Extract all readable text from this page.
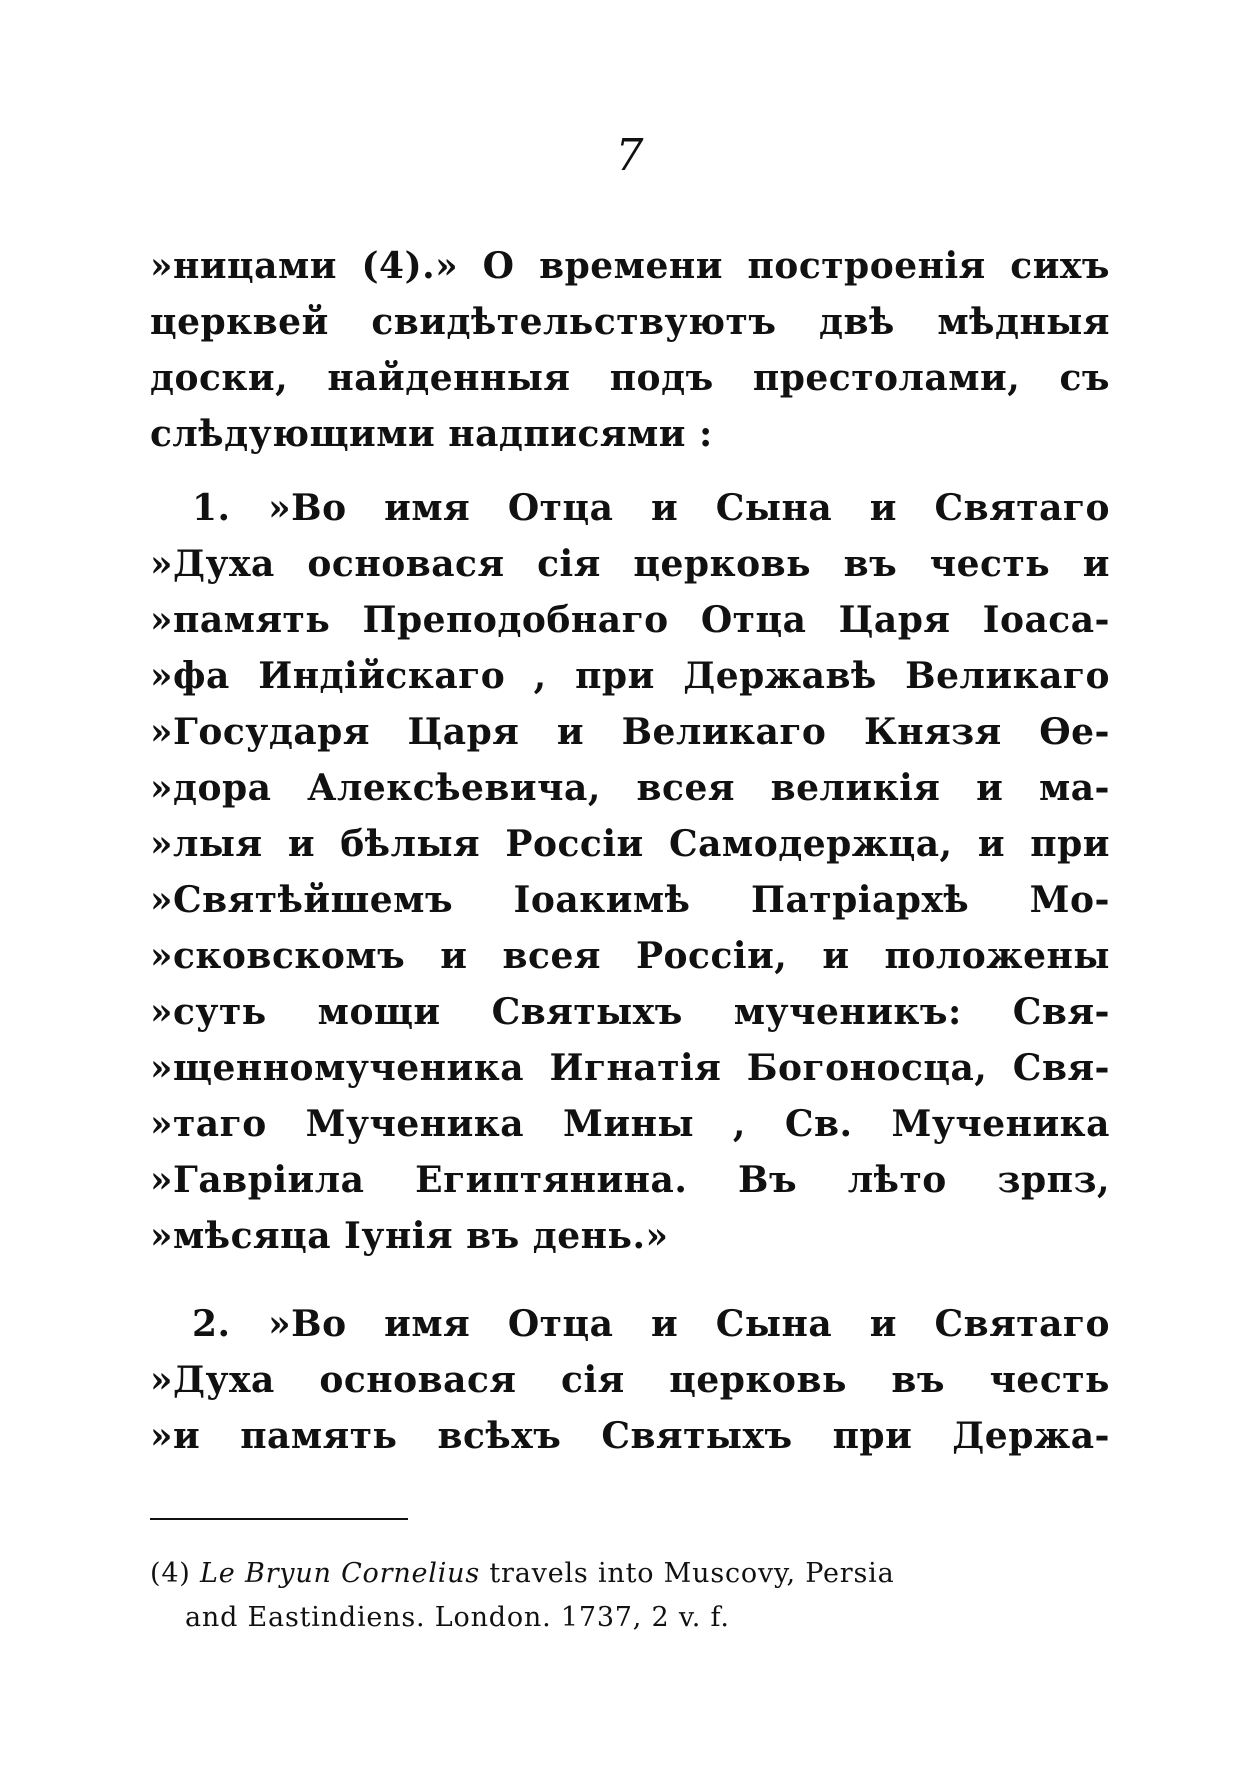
7
»ницами (4).» О времени построенія сихъ
церквей свидѣтельствуютъ двѣ мѣдныя
доски, найденныя подъ престолами, съ
слѣдующими надписями :
1. »Во имя Отца и Сына и Святаго
»Духа основася сія церковь въ честь и
»память Преподобнаго Отца Царя Іоаса-
»фа Индійскаго , при Державѣ Великаго
»Государя Царя и Великаго Князя Ѳе-
»дора Алексѣевича, всея великія и ма-
»лыя и бѣлыя Россіи Самодержца, и при
»Святѣйшемъ Іоакимѣ Патріархѣ Мо-
»сковскомъ и всея Россіи, и положены
»суть мощи Святыхъ мученикъ: Свя-
»щенномученика Игнатія Богоносца, Свя-
»таго Мученика Мины , Св. Мученика
»Гавріила Египтянина. Въ лѣто зрпз,
»мѣсяца Іунія въ день.»
2. »Во имя Отца и Сына и Святаго
»Духа основася сія церковь въ честь
»и память всѣхъ Святыхъ при Держа-
(4) Le Bryun Cornelius travels into Muscovy, Persia
and Eastindiens. London. 1737, 2 v. f.
